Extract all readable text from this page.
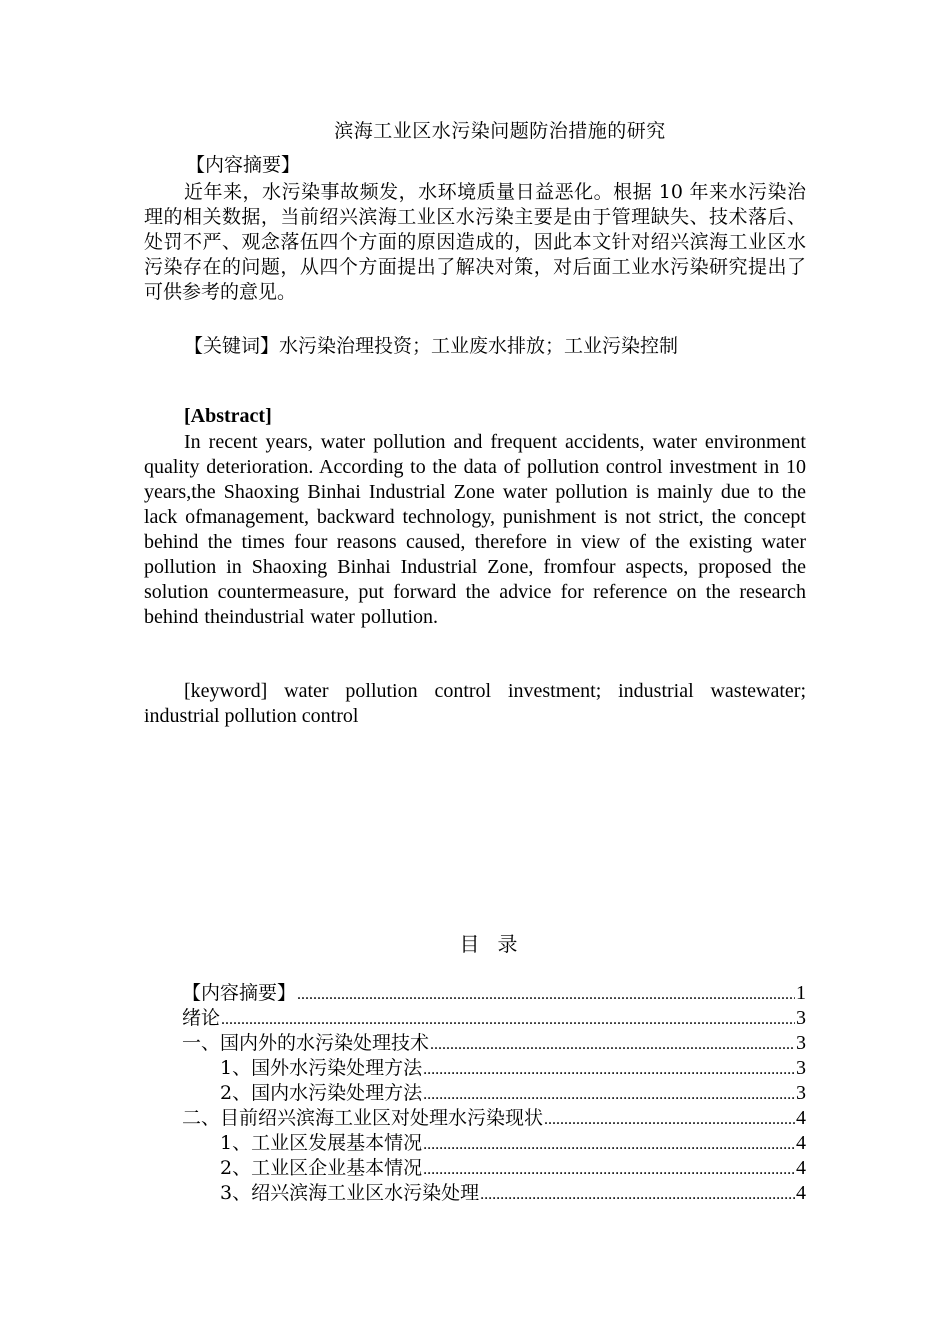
滨海工业区水污染问题防治措施的研究
【内容摘要】
近年来，水污染事故频发，水环境质量日益恶化。根据 10 年来水污染治理的相关数据，当前绍兴滨海工业区水污染主要是由于管理缺失、技术落后、处罚不严、观念落伍四个方面的原因造成的，因此本文针对绍兴滨海工业区水污染存在的问题，从四个方面提出了解决对策，对后面工业水污染研究提出了可供参考的意见。
【关键词】水污染治理投资；工业废水排放；工业污染控制
[Abstract]
In recent years, water pollution and frequent accidents, water environment quality deterioration. According to the data of pollution control investment in 10 years,the Shaoxing Binhai Industrial Zone water pollution is mainly due to the lack ofmanagement, backward technology, punishment is not strict, the concept behind the times four reasons caused, therefore in view of the existing water pollution in Shaoxing Binhai Industrial Zone, fromfour aspects, proposed the solution countermeasure, put forward the advice for reference on the research behind theindustrial water pollution.
[keyword] water pollution control investment; industrial wastewater; industrial pollution control
目录
【内容摘要】 .....	1
绪论 .....	3
一、国内外的水污染处理技术 .....	3
1、国外水污染处理方法 .....	3
2、国内水污染处理方法 .....	3
二、目前绍兴滨海工业区对处理水污染现状 .....	4
1、工业区发展基本情况 .....	4
2、工业区企业基本情况 .....	4
3、绍兴滨海工业区水污染处理 .....	4
